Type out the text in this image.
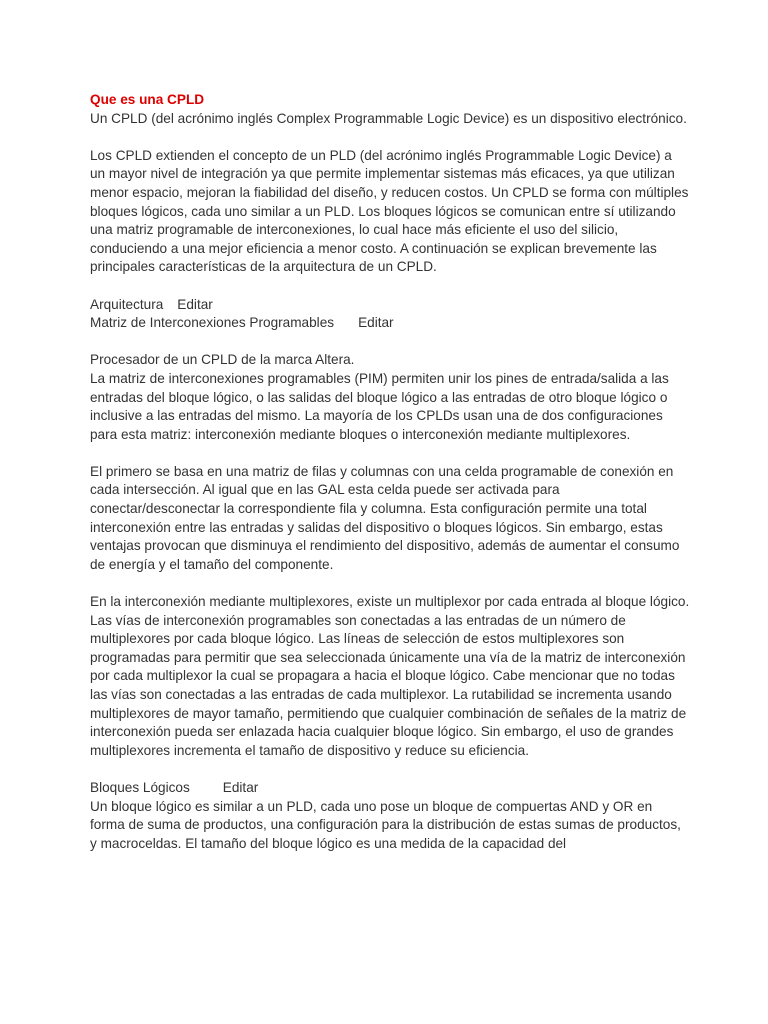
Que es una CPLD

Un CPLD (del acrónimo inglés Complex Programmable Logic Device) es un dispositivo electrónico.

Los CPLD extienden el concepto de un PLD (del acrónimo inglés Programmable Logic Device) a un mayor nivel de integración ya que permite implementar sistemas más eficaces, ya que utilizan menor espacio, mejoran la fiabilidad del diseño, y reducen costos. Un CPLD se forma con múltiples bloques lógicos, cada uno similar a un PLD. Los bloques lógicos se comunican entre sí utilizando una matriz programable de interconexiones, lo cual hace más eficiente el uso del silicio, conduciendo a una mejor eficiencia a menor costo. A continuación se explican brevemente las principales características de la arquitectura de un CPLD.

Arquitectura Editar
Matriz de Interconexiones Programables Editar

Procesador de un CPLD de la marca Altera.

La matriz de interconexiones programables (PIM) permiten unir los pines de entrada/salida a las entradas del bloque lógico, o las salidas del bloque lógico a las entradas de otro bloque lógico o inclusive a las entradas del mismo. La mayoría de los CPLDs usan una de dos configuraciones para esta matriz: interconexión mediante bloques o interconexión mediante multiplexores.

El primero se basa en una matriz de filas y columnas con una celda programable de conexión en cada intersección. Al igual que en las GAL esta celda puede ser activada para conectar/desconectar la correspondiente fila y columna. Esta configuración permite una total interconexión entre las entradas y salidas del dispositivo o bloques lógicos. Sin embargo, estas ventajas provocan que disminuya el rendimiento del dispositivo, además de aumentar el consumo de energía y el tamaño del componente.

En la interconexión mediante multiplexores, existe un multiplexor por cada entrada al bloque lógico. Las vías de interconexión programables son conectadas a las entradas de un número de multiplexores por cada bloque lógico. Las líneas de selección de estos multiplexores son programadas para permitir que sea seleccionada únicamente una vía de la matriz de interconexión por cada multiplexor la cual se propagara a hacia el bloque lógico. Cabe mencionar que no todas las vías son conectadas a las entradas de cada multiplexor. La rutabilidad se incrementa usando multiplexores de mayor tamaño, permitiendo que cualquier combinación de señales de la matriz de interconexión pueda ser enlazada hacia cualquier bloque lógico. Sin embargo, el uso de grandes multiplexores incrementa el tamaño de dispositivo y reduce su eficiencia.

Bloques Lógicos Editar

Un bloque lógico es similar a un PLD, cada uno pose un bloque de compuertas AND y OR en forma de suma de productos, una configuración para la distribución de estas sumas de productos, y macroceldas. El tamaño del bloque lógico es una medida de la capacidad del
